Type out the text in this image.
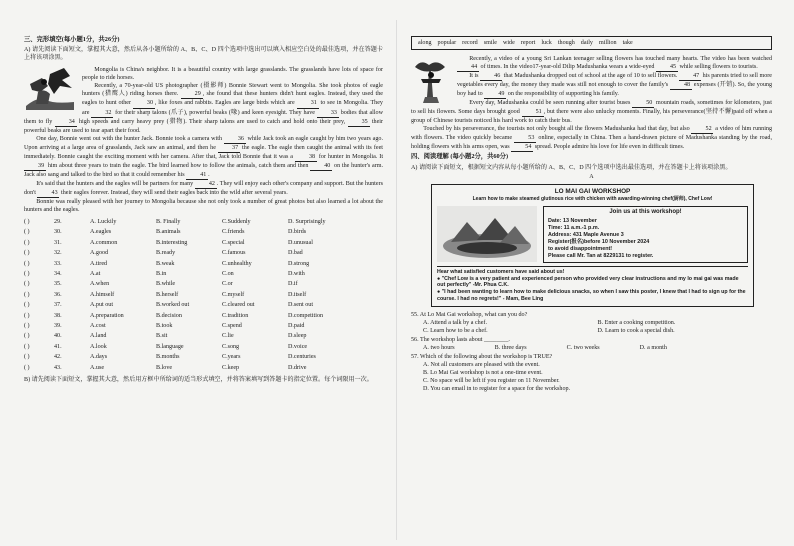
三、完形填空(每小题1分，共26分)

A) 请先阅读下面短文，掌握其大意，然后从各小题所给的 A、B、C、D 四个选项中选出可以填入相应空白处的最佳选项，并在答题卡上将该项涂黑。

Mongolia is China's neighbor. It is a beautiful country with large grasslands. The grasslands have lots of space for people to ride horses.

Recently, a 70-year-old US photographer (摄影师) Bonnie Stewart went to Mongolia. She took photos of eagle hunters (猎鹰人) riding horses there.	29 , she found that these hunters didn't hunt eagles. Instead, they used the eagles to hunt other	30 , like foxes and rabbits. Eagles are large birds which are	31 to see in Mongolia. They are	32 for their sharp talons (爪子), powerful beaks (喙) and keen eyesight. They have	33 bodies that allow them to fly	34 high speeds and carry heavy prey (猎物). Their sharp talons are used to catch and hold onto their prey,	35 their powerful beaks are used to tear apart their food.

One day, Bonnie went out with the hunter Jack. Bonnie took a camera with	36 while Jack took an eagle caught by him two years ago. Upon arriving at a large area of grasslands, Jack saw an animal, and then he	37 the eagle. The eagle then caught the animal with its feet immediately. Bonnie caught the exciting moment with her camera. After that, Jack told Bonnie that it was a	38 for hunter in Mongolia. It 39 him about three years to train the eagle. The bird learned how to follow the animals, catch them and then	40 on the hunter's arm. Jack also sang and talked to the bird so that it could remember his	41 .

It's said that the hunters and the eagles will be partners for many	42 . They will enjoy each other's company and support. But the hunters don't	43 their eagles forever. Instead, they will send their eagles back into the wild after several years.

Bonnie was really pleased with her journey to Mongolia because she not only took a number of great photos but also learned a lot about the hunters and the eagles.

( )	29.	A. Luckily	B. Finally	C.Suddenly	D. Surprisingly
( )	30.	A.eagles	B.animals	C.friends	D.birds
( )	31.	A.common	B.interesting	C.special	D.unusual
( )	32.	A.good	B.ready	C.famous	D.bad
( )	33.	A.tired	B.weak	C.unhealthy	D.strong
( )	34.	A.at	B.in	C.on	D.with
( )	35.	A.when	B.while	C.or	D.if
( )	36.	A.himself	B.herself	C.myself	D.itself
( )	37.	A.put out	B.worked out	C.cleared out	D.sent out
( )	38.	A.preparation	B.decision	C.tradition	D.competition
( )	39.	A.cost	B.took	C.spend	D.paid
( )	40.	A.land	B.sit	C.lie	D.sleep
( )	41.	A.look	B.language	C.song	D.voice
( )	42.	A.days	B.months	C.years	D.centuries
( )	43.	A.use	B.love	C.keep	D.drive

B) 请先阅读下面短文，掌握其大意，然后用方框中所给词的适当形式填空，并将答案填写到答题卡的指定位置。每个词限用一次。

along popular record smile wide report luck though daily million take

Recently, a video of a young Sri Lankan teenager selling flowers has touched many hearts. The video has been watched 44 of times. In the video17-year-old Dilip Madushanka wears a wide-eyed	45 while selling flowers to tourists.

It is	46 that Madushanka dropped out of school at the age of 10 to sell flowers.	47 his parents tried to sell more vegetables every day, the money they made was still not enough to cover the family's	48 expenses (开销). So, the young boy had to	49 on the responsibility of supporting his family.

Every day, Madushanka could be seen running after tourist buses	50 mountain roads, sometimes for kilometers, just to sell his flowers. Some days brought good	51 , but there were also unlucky moments. Finally, his perseverance(坚持不懈)paid off when a group of Chinese tourists noticed his hard work to catch their bus.

Touched by his perseverance, the tourists not only bought all the flowers Madushanka had that day, but also	52 a video of him running with flowers. The video quickly became	53 online, especially in China. Then a hand-drawn picture of Madushanka standing by the road, holding flowers with his arms open, was	54 spread. People admire his love for life even in difficult times.

四、阅读理解 (每小题2分，共60分)

A) 请阅读下面短文，根据短文内容从每小题所给的 A、B、C、D 四个选项中选出最佳选项，并在答题卡上将该项涂黑。

A
LO MAI GAI WORKSHOP
Learn how to make steamed glutinous rice with chicken with awarding-winning chef(厨师), Chef Low!
Join us at this workshop!
Date: 13 November
Time: 11 a.m.-1 p.m.
Address: 431 Maple Avenue 3
Register(报名)before 10 November 2024
to avoid disappointment!
Please call Mr. Tan at 8229131 to register.
Hear what satisfied customers have said about us!
● "Chef Low is a very patient and experienced person who provided very clear instructions and my lo mai gai was made out perfectly" -Mr. Phua C.K.
● "I had been wanting to learn how to make delicious snacks, so when I saw this poster, I knew that I had to sign up for the course. I had no regrets!" - Mam, Bee Ling
55. At Lo Mai Gai workshop, what can you do?
A. Attend a talk by a chef.	B. Enter a cooking competition.
C. Learn how to be a chef.	D. Learn to cook a special dish.
56. The workshop lasts about ________.
A. two hours	B. three days	C. two weeks	D. a month
57. Which of the following about the workshop is TRUE?
A. Not all customers are pleased with the event.
B. Lo Mai Gai workshop is not a one-time event.
C. No space will be left if you register on 11 November.
D. You can email in to register for a space for the workshop.
